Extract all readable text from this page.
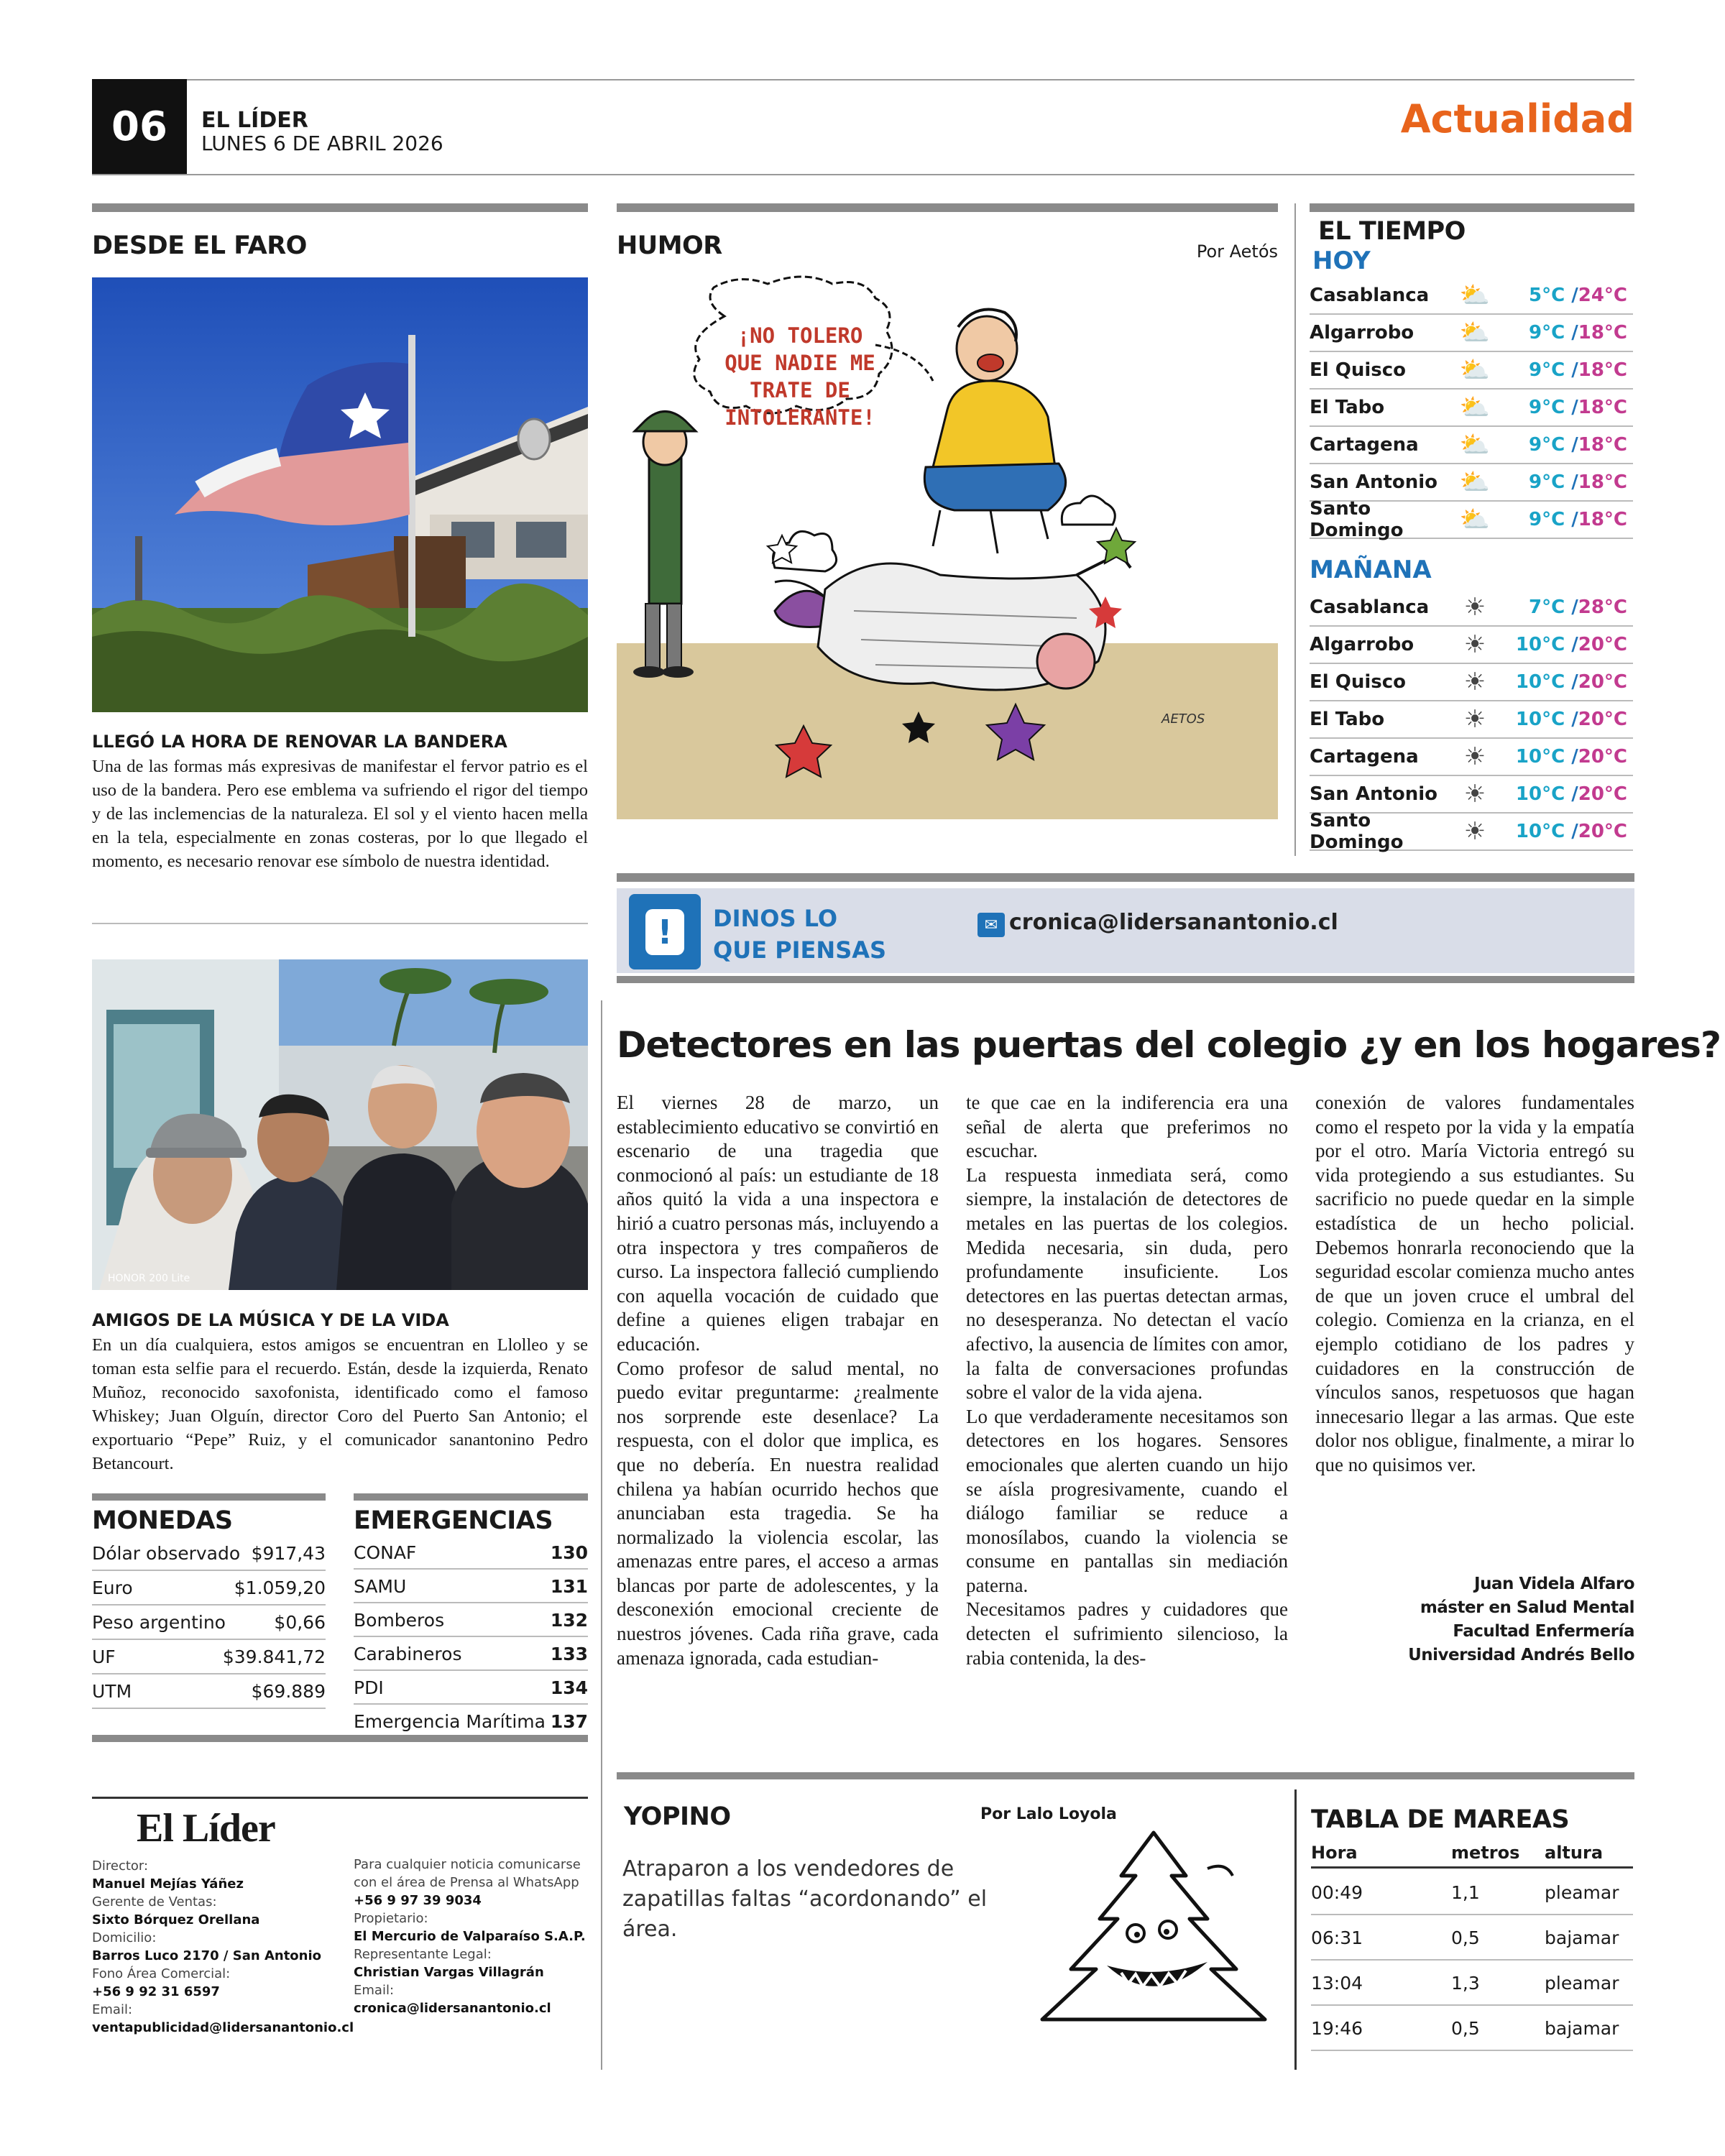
06	EL LÍDER
LUNES 6 DE ABRIL 2026
Actualidad
DESDE EL FARO
LLEGÓ LA HORA DE RENOVAR LA BANDERA
Una de las formas más expresivas de manifestar el fervor patrio es el uso de la bandera. Pero ese emblema va sufriendo el rigor del tiempo y de las inclemencias de la naturaleza. El sol y el viento hacen mella en la tela, especialmente en zonas costeras, por lo que llegado el momento, es necesario renovar ese símbolo de nuestra identidad.
HONOR 200 Lite
AMIGOS DE LA MÚSICA Y DE LA VIDA
En un día cualquiera, estos amigos se encuentran en Llolleo y se toman esta selfie para el recuerdo. Están, desde la izquierda, Renato Muñoz, reconocido saxofonista, identificado como el famoso Whiskey; Juan Olguín, director Coro del Puerto San Antonio; el exportuario “Pepe” Ruiz, y el comunicador sanantonino Pedro Betancourt.
HUMOR	Por Aetós
¡NO TOLERO QUE NADIE ME TRATE DE INTOLERANTE!
AETOS
EL TIEMPO
HOY
Casablanca	⛅	5°C /24°C
Algarrobo	⛅	9°C /18°C
El Quisco	⛅	9°C /18°C
El Tabo	⛅	9°C /18°C
Cartagena	⛅	9°C /18°C
San Antonio ⛅	9°C /18°C
Santo Domingo	⛅	9°C /18°C
MAÑANA
Casablanca	☀	7°C /28°C
Algarrobo	☀	10°C /20°C
El Quisco	☀	10°C /20°C
El Tabo	☀	10°C /20°C
Cartagena	☀	10°C /20°C
San Antonio	☀	10°C /20°C
Santo Domingo	☀	10°C /20°C
!	DINOS LO
QUE PIENSAS
✉ cronica@lidersanantonio.cl
Detectores en las puertas del colegio ¿y en los hogares?

El viernes 28 de marzo, un establecimiento educativo se convirtió en escenario de una tragedia que conmocionó al país: un estudiante de 18 años quitó la vida a una inspectora e hirió a cuatro personas más, incluyendo a otra inspectora y tres compañeros de curso. La inspectora falleció cumpliendo con aquella vocación de cuidado que define a quienes eligen trabajar en educación.

Como profesor de salud mental, no puedo evitar preguntarme: ¿realmente nos sorprende este desenlace? La respuesta, con el dolor que implica, es que no debería. En nuestra realidad chilena ya habían ocurrido hechos que anunciaban esta tragedia. Se ha normalizado la violencia escolar, las amenazas entre pares, el acceso a armas blancas por parte de adolescentes, y la desconexión emocional creciente de nuestros jóvenes. Cada riña grave, cada amenaza ignorada, cada estudian-

te que cae en la indiferencia era una señal de alerta que preferimos no escuchar.

La respuesta inmediata será, como siempre, la instalación de detectores de metales en las puertas de los colegios. Medida necesaria, sin duda, pero profundamente insuficiente. Los detectores en las puertas detectan armas, no desesperanza. No detectan el vacío afectivo, la ausencia de límites con amor, la falta de conversaciones profundas sobre el valor de la vida ajena.

Lo que verdaderamente necesitamos son detectores en los hogares. Sensores emocionales que alerten cuando un hijo se aísla progresivamente, cuando el diálogo familiar se reduce a monosílabos, cuando la violencia se consume en pantallas sin mediación paterna.

Necesitamos padres y cuidadores que detecten el sufrimiento silencioso, la rabia contenida, la des-

conexión de valores fundamentales como el respeto por la vida y la empatía por el otro. María Victoria entregó su vida protegiendo a sus estudiantes. Su sacrificio no puede quedar en la simple estadística de un hecho policial. Debemos honrarla reconociendo que la seguridad escolar comienza mucho antes de que un joven cruce el umbral del colegio. Comienza en la crianza, en el ejemplo cotidiano de los padres y cuidadores en la construcción de vínculos sanos, respetuosos que hagan innecesario llegar a las armas. Que este dolor nos obligue, finalmente, a mirar lo que no quisimos ver.

Juan Videla Alfaro
máster en Salud Mental
Facultad Enfermería
Universidad Andrés Bello
MONEDAS	EMERGENCIAS
Dólar observado $917,43
Euro	$1.059,20
Peso argentino	$0,66
UF	$39.841,72
UTM	$69.889
CONAF	130
SAMU	131
Bomberos	132
Carabineros	133
PDI	134
Emergencia Marítima 137
El Líder
Director:
Manuel Mejías Yáñez
Gerente de Ventas:
Sixto Bórquez Orellana
Domicilio:
Barros Luco 2170 / San Antonio
Fono Área Comercial:
+56 9 92 31 6597
Email:
ventapublicidad@lidersanantonio.cl
Para cualquier noticia comunicarse con el área de Prensa al WhatsApp
+56 9 97 39 9034
Propietario:
El Mercurio de Valparaíso S.A.P.
Representante Legal:
Christian Vargas Villagrán
Email:
cronica@lidersanantonio.cl
YOPINO	Por Lalo Loyola
Atraparon a los vendedores de zapatillas faltas “acordonando” el área.
TABLA DE MAREAS
Hora	metros	altura
00:49	1,1	pleamar
06:31	0,5	bajamar
13:04	1,3	pleamar
19:46	0,5	bajamar
